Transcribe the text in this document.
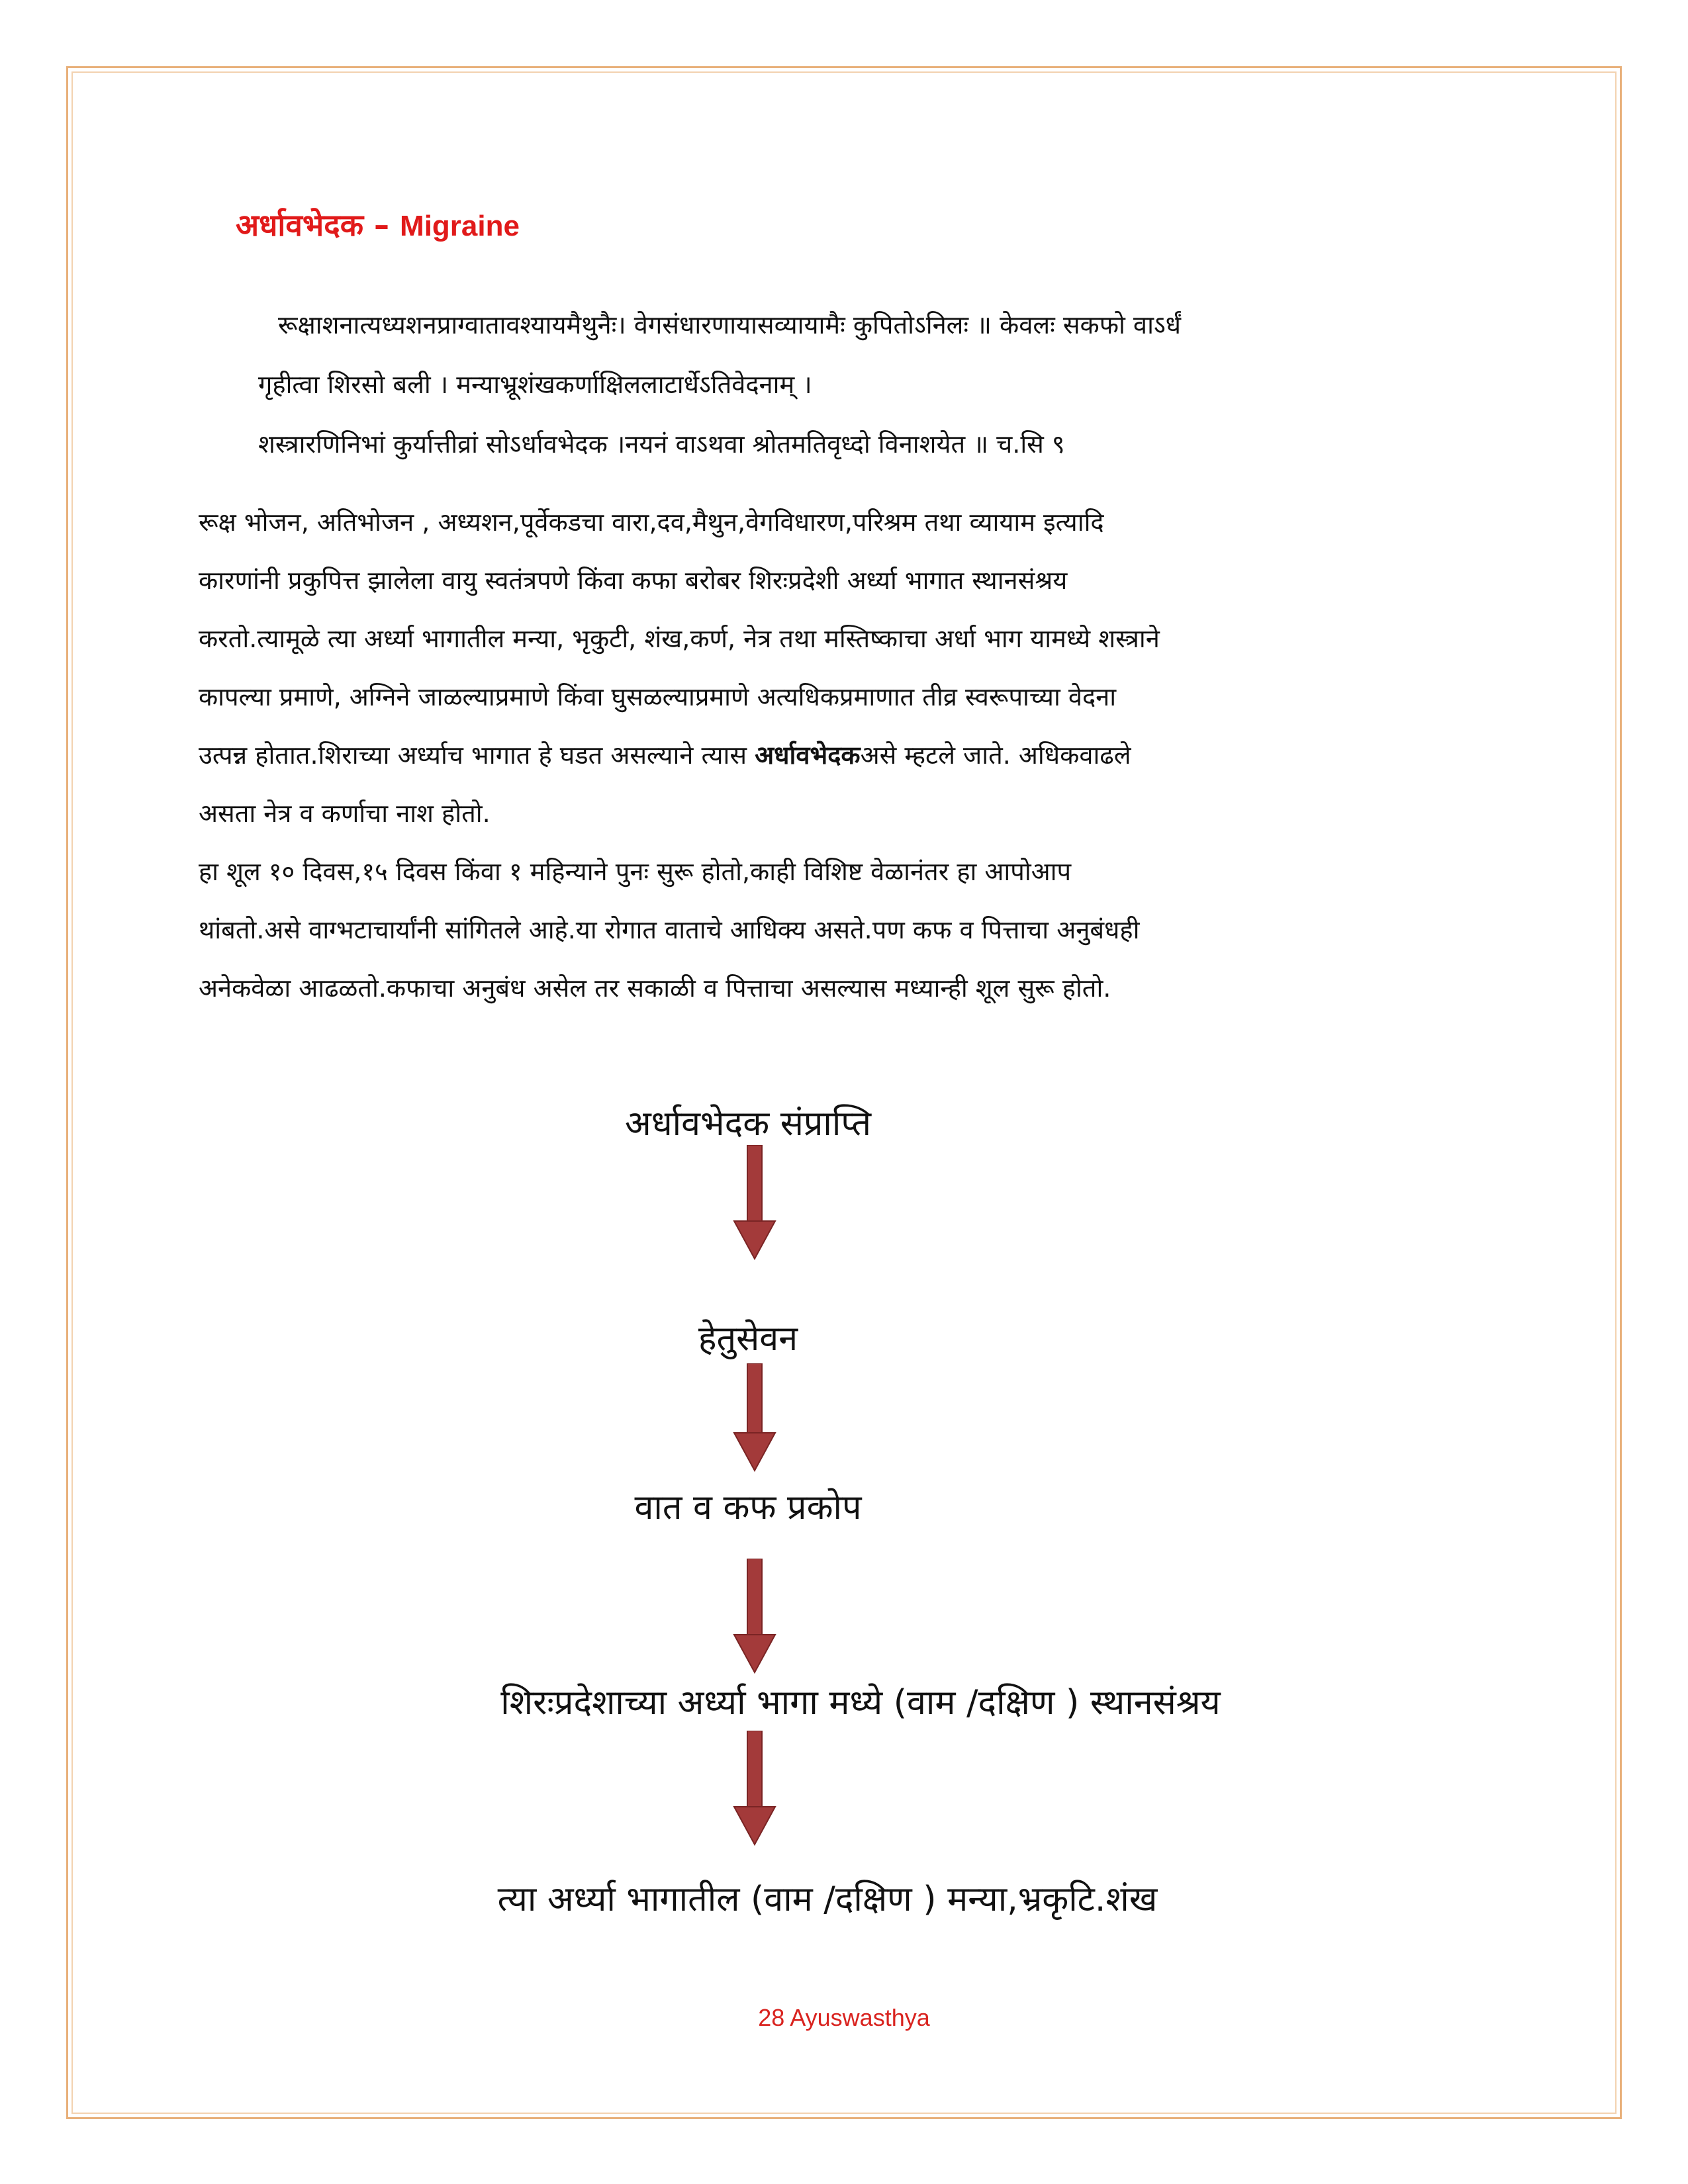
अर्धावभेदक – Migraine
रूक्षाशनात्यध्यशनप्राग्वातावश्यायमैथुनैः। वेगसंधारणायासव्यायामैः कुपितोऽनिलः ॥ केवलः सकफो वाऽर्धं
गृहीत्वा शिरसो बली । मन्याभ्रूशंखकर्णाक्षिललाटार्धेऽतिवेदनाम् ।
शस्त्रारणिनिभां कुर्यात्तीव्रां सोऽर्धावभेदक ।नयनं वाऽथवा श्रोतमतिवृध्दो विनाशयेत ॥ च.सि ९
रूक्ष भोजन, अतिभोजन , अध्यशन,पूर्वेकडचा वारा,दव,मैथुन,वेगविधारण,परिश्रम तथा व्यायाम इत्यादि
कारणांनी प्रकुपित्त झालेला वायु स्वतंत्रपणे किंवा कफा बरोबर शिरःप्रदेशी अर्ध्या भागात स्थानसंश्रय
करतो.त्यामूळे त्या अर्ध्या भागातील मन्या, भृकुटी, शंख,कर्ण, नेत्र तथा मस्तिष्काचा अर्धा भाग यामध्ये शस्त्राने
कापल्या प्रमाणे, अग्निने जाळल्याप्रमाणे किंवा घुसळल्याप्रमाणे अत्यधिकप्रमाणात तीव्र स्वरूपाच्या वेदना
उत्पन्न होतात.शिराच्या अर्ध्याच भागात हे घडत असल्याने त्यास अर्धावभेदकअसे म्हटले जाते. अधिकवाढले
असता नेत्र व कर्णाचा नाश होतो.
हा शूल १० दिवस,१५ दिवस किंवा १ महिन्याने पुनः सुरू होतो,काही विशिष्ट वेळानंतर हा आपोआप
थांबतो.असे वाग्भटाचार्यांनी सांगितले आहे.या रोगात वाताचे आधिक्य असते.पण कफ व पित्ताचा अनुबंधही
अनेकवेळा आढळतो.कफाचा अनुबंध असेल तर सकाळी व पित्ताचा असल्यास मध्यान्ही शूल सुरू होतो.
अर्धावभेदक संप्राप्ति
हेतुसेवन
वात व कफ प्रकोप
शिरःप्रदेशाच्या अर्ध्या भागा मध्ये (वाम /दक्षिण ) स्थानसंश्रय
त्या अर्ध्या भागातील (वाम /दक्षिण ) मन्या,भ्रकृटि.शंख
28 Ayuswasthya
